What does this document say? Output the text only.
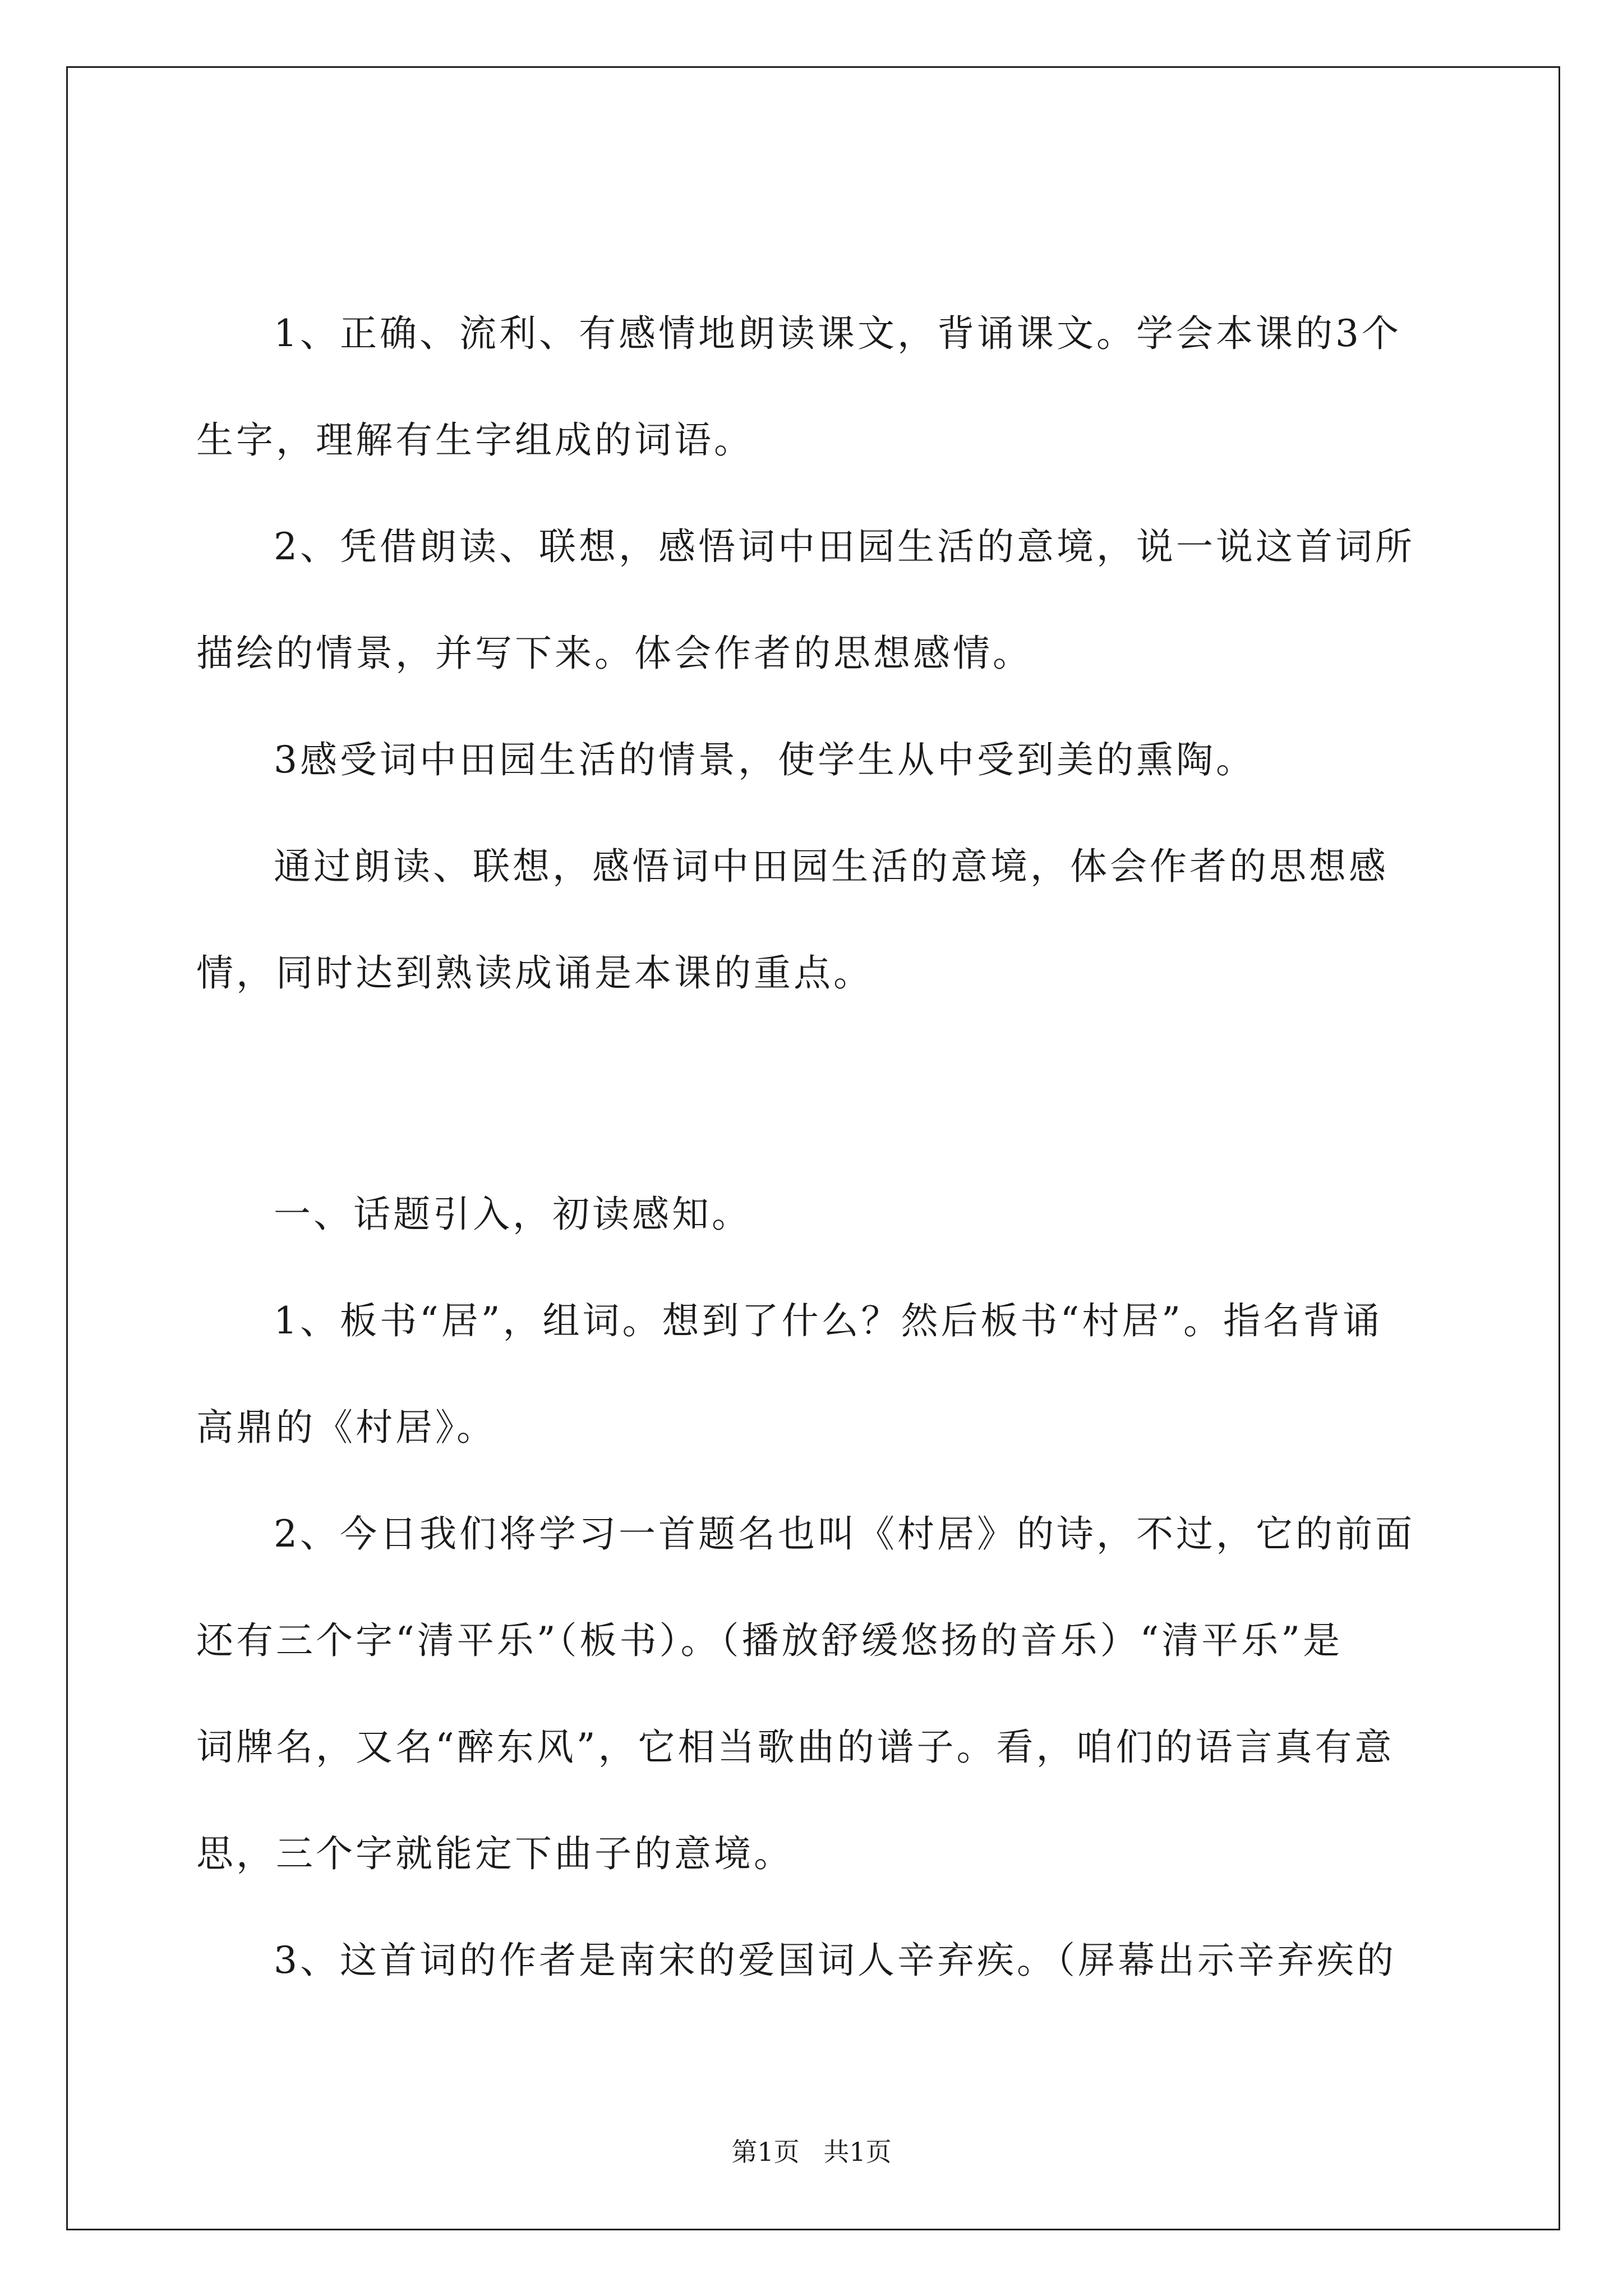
1、正确、流利、有感情地朗读课文，背诵课文。学会本课的3个
生字，理解有生字组成的词语。
2、凭借朗读、联想，感悟词中田园生活的意境，说一说这首词所
描绘的情景，并写下来。体会作者的思想感情。
3感受词中田园生活的情景，使学生从中受到美的熏陶。
通过朗读、联想，感悟词中田园生活的意境，体会作者的思想感
情，同时达到熟读成诵是本课的重点。
一、话题引入，初读感知。
1、板书“居”，组词。想到了什么？然后板书“村居”。指名背诵
高鼎的《村居》。
2、今日我们将学习一首题名也叫《村居》的诗，不过，它的前面
还有三个字“清平乐”（板书）。（播放舒缓悠扬的音乐）“清平乐”是
词牌名，又名“醉东风”，它相当歌曲的谱子。看，咱们的语言真有意
思，三个字就能定下曲子的意境。
3、这首词的作者是南宋的爱国词人辛弃疾。（屏幕出示辛弃疾的
第1页 共1页
